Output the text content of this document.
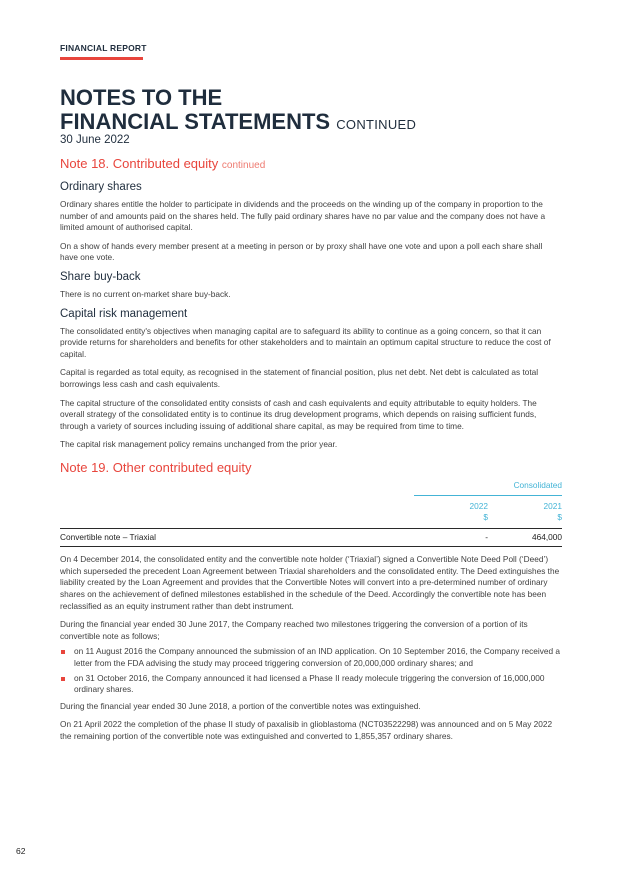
FINANCIAL REPORT
NOTES TO THE
FINANCIAL STATEMENTS CONTINUED
30 June 2022
Note 18. Contributed equity continued
Ordinary shares

Ordinary shares entitle the holder to participate in dividends and the proceeds on the winding up of the company in proportion to the number of and amounts paid on the shares held. The fully paid ordinary shares have no par value and the company does not have a limited amount of authorised capital.

On a show of hands every member present at a meeting in person or by proxy shall have one vote and upon a poll each share shall have one vote.

Share buy-back

There is no current on-market share buy-back.

Capital risk management

The consolidated entity's objectives when managing capital are to safeguard its ability to continue as a going concern, so that it can provide returns for shareholders and benefits for other stakeholders and to maintain an optimum capital structure to reduce the cost of capital.

Capital is regarded as total equity, as recognised in the statement of financial position, plus net debt. Net debt is calculated as total borrowings less cash and cash equivalents.

The capital structure of the consolidated entity consists of cash and cash equivalents and equity attributable to equity holders. The overall strategy of the consolidated entity is to continue its drug development programs, which depends on raising sufficient funds, through a variety of sources including issuing of additional share capital, as may be required from time to time.

The capital risk management policy remains unchanged from the prior year.

Note 19. Other contributed equity
	Consolidated	
	2022	2021
	$	$
Convertible note – Triaxial	-	464,000

On 4 December 2014, the consolidated entity and the convertible note holder (‘Triaxial’) signed a Convertible Note Deed Poll (‘Deed’) which superseded the precedent Loan Agreement between Triaxial shareholders and the consolidated entity. The Deed extinguishes the liability created by the Loan Agreement and provides that the Convertible Notes will convert into a pre-determined number of ordinary shares on the achievement of defined milestones established in the schedule of the Deed. Accordingly the convertible note has been reclassified as an equity instrument rather than debt instrument.

During the financial year ended 30 June 2017, the Company reached two milestones triggering the conversion of a portion of its convertible note as follows;

on 11 August 2016 the Company announced the submission of an IND application. On 10 September 2016, the Company received a letter from the FDA advising the study may proceed triggering conversion of 20,000,000 ordinary shares; and

on 31 October 2016, the Company announced it had licensed a Phase II ready molecule triggering the conversion of 16,000,000 ordinary shares.

During the financial year ended 30 June 2018, a portion of the convertible notes was extinguished.

On 21 April 2022 the completion of the phase II study of paxalisib in glioblastoma (NCT03522298) was announced and on 5 May 2022 the remaining portion of the convertible note was extinguished and converted to 1,855,357 ordinary shares.

62
